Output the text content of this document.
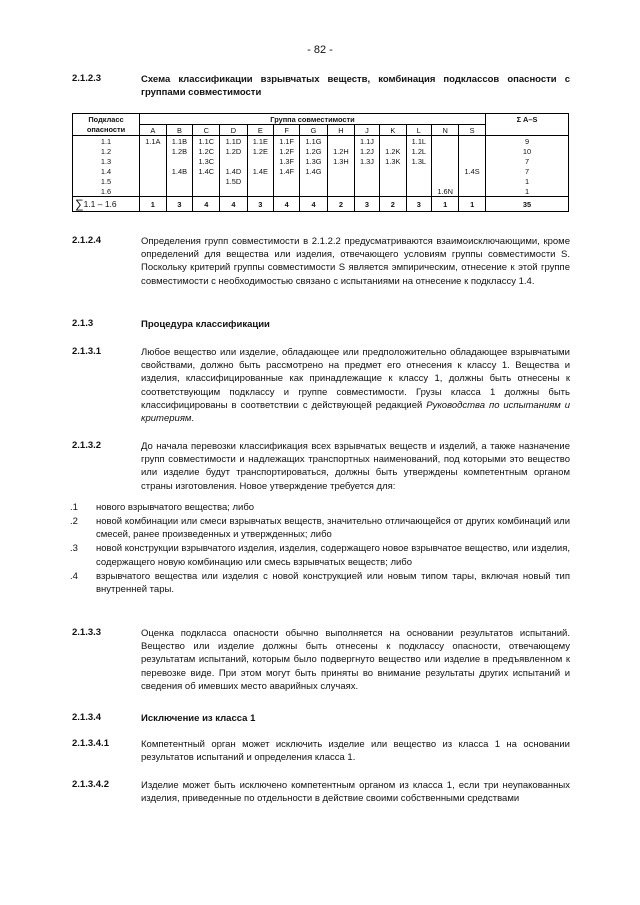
- 82 -
2.1.2.3	Схема классификации взрывчатых веществ, комбинация подклассов опасности с группами совместимости
Подкласс	Группа совместимости													Σ A–S
опасности	A	B	C	D	E	F	G	H	J	K	L	N	S	
1.1	1.1A	1.1B	1.1C	1.1D	1.1E	1.1F	1.1G		1.1J		1.1L			9
1.2		1.2B	1.2C	1.2D	1.2E	1.2F	1.2G	1.2H	1.2J	1.2K	1.2L			10
1.3			1.3C			1.3F	1.3G	1.3H	1.3J	1.3K	1.3L			7
1.4		1.4B	1.4C	1.4D	1.4E	1.4F	1.4G						1.4S	7
1.5				1.5D										1
1.6												1.6N		1
∑1.1 – 1.6	1	3	4	4	3	4	4	2	3	2	3	1	1	35
2.1.2.4	Определения групп совместимости в 2.1.2.2 предусматриваются взаимоисключающими, кроме определений для вещества или изделия, отвечающего условиям группы совместимости S. Поскольку критерий группы совместимости S является эмпирическим, отнесение к этой группе совместимости с необходимостью связано с испытаниями на отнесение к подклассу 1.4.
2.1.3	Процедура классификации
2.1.3.1	Любое вещество или изделие, обладающее или предположительно обладающее взрывчатыми свойствами, должно быть рассмотрено на предмет его отнесения к классу 1. Вещества и изделия, классифицированные как принадлежащие к классу 1, должны быть отнесены к соответствующим подклассу и группе совместимости. Грузы класса 1 должны быть классифицированы в соответствии с действующей редакцией Руководства по испытаниям и критериям.
2.1.3.2	До начала перевозки классификация всех взрывчатых веществ и изделий, а также назначение групп совместимости и надлежащих транспортных наименований, под которыми это вещество или изделие будут транспортироваться, должны быть утверждены компетентным органом страны изготовления. Новое утверждение требуется для:
.1 нового взрывчатого вещества; либо
.2 новой комбинации или смеси взрывчатых веществ, значительно отличающейся от других комбинаций или смесей, ранее произведенных и утвержденных; либо
.3 новой конструкции взрывчатого изделия, изделия, содержащего новое взрывчатое вещество, или изделия, содержащего новую комбинацию или смесь взрывчатых веществ; либо
.4 взрывчатого вещества или изделия с новой конструкцией или новым типом тары, включая новый тип внутренней тары.
2.1.3.3	Оценка подкласса опасности обычно выполняется на основании результатов испытаний. Вещество или изделие должны быть отнесены к подклассу опасности, отвечающему результатам испытаний, которым было подвергнуто вещество или изделие в предъявленном к перевозке виде. При этом могут быть приняты во внимание результаты других испытаний и сведения об имевших место аварийных случаях.
2.1.3.4	Исключение из класса 1
2.1.3.4.1	Компетентный орган может исключить изделие или вещество из класса 1 на основании результатов испытаний и определения класса 1.
2.1.3.4.2	Изделие может быть исключено компетентным органом из класса 1, если три неупакованных изделия, приведенные по отдельности в действие своими собственными средствами
